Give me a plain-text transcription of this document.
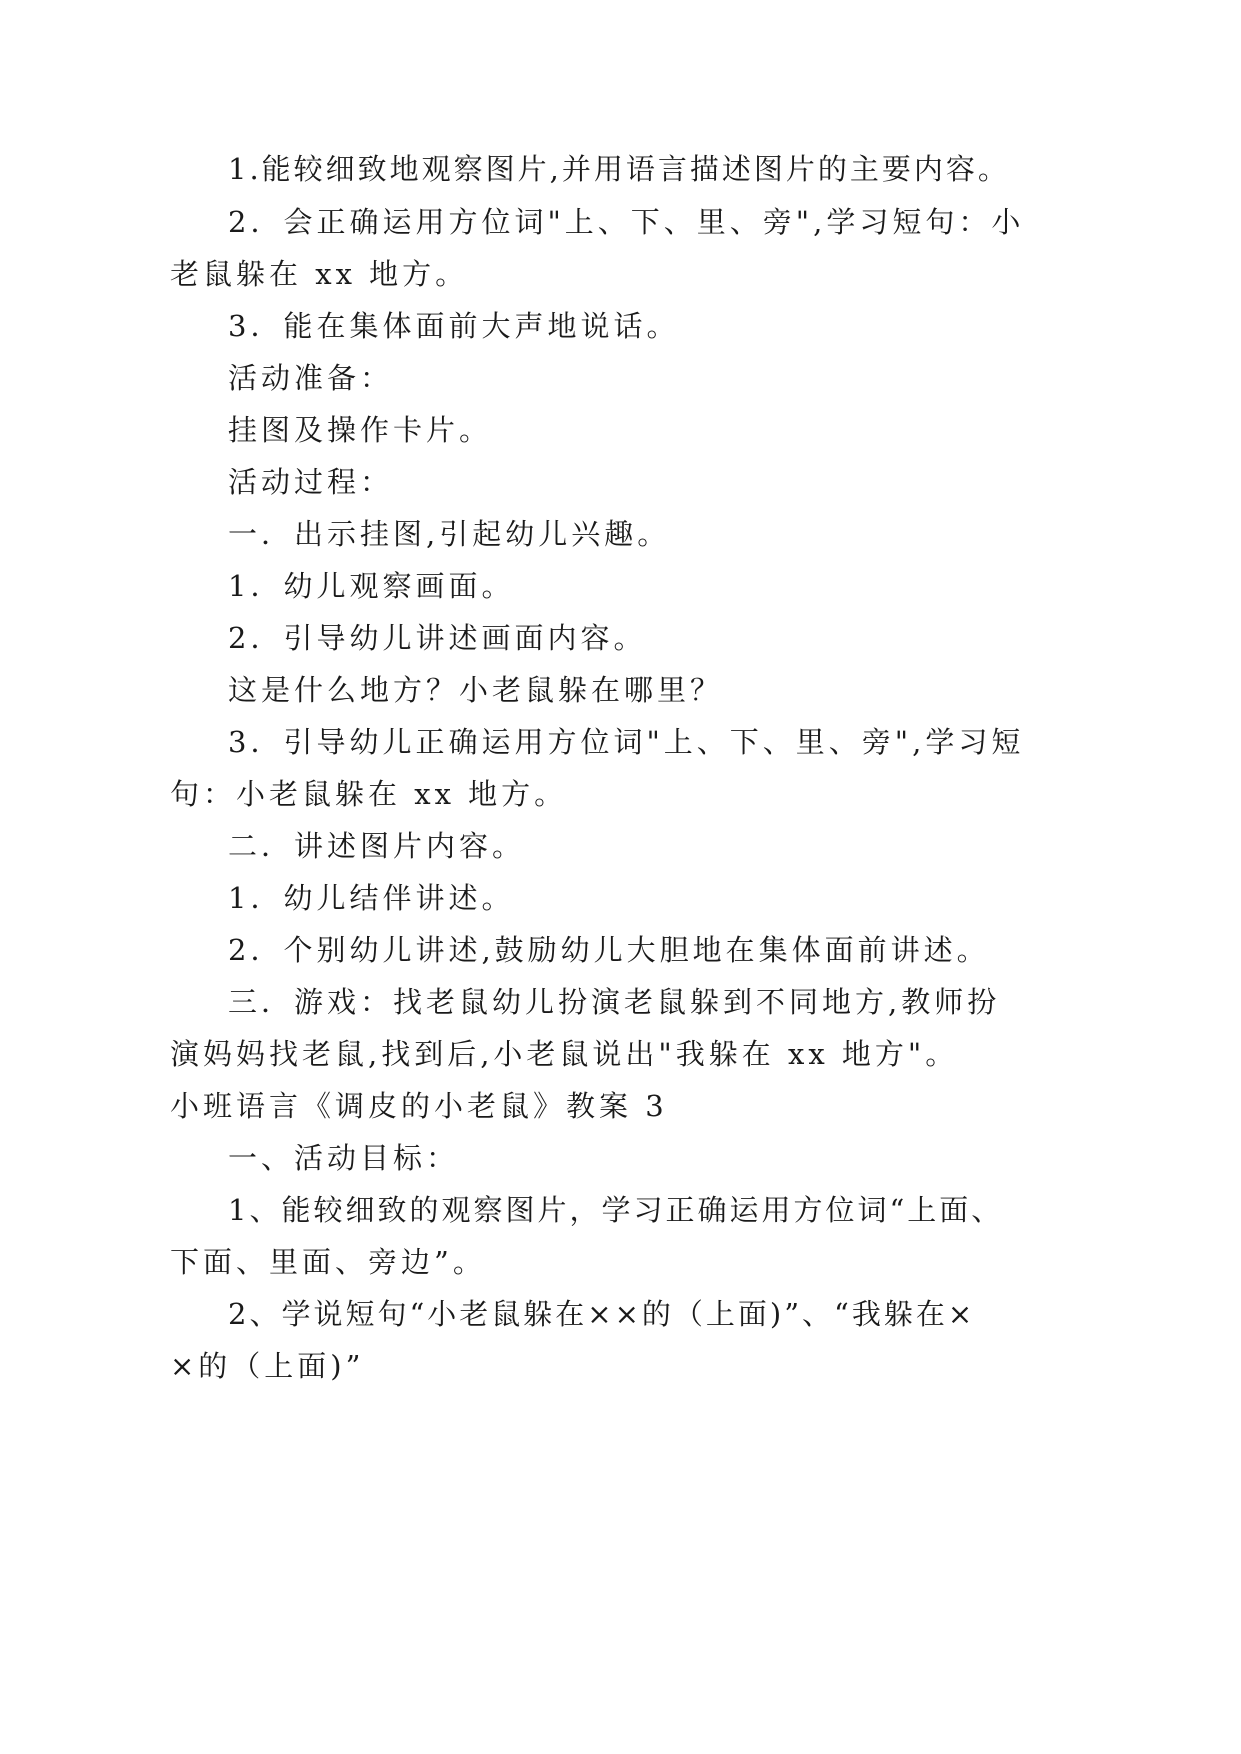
1.能较细致地观察图片,并用语言描述图片的主要内容。
2．会正确运用方位词"上、下、里、旁",学习短句：小
老鼠躲在 xx 地方。
3．能在集体面前大声地说话。
活动准备：
挂图及操作卡片。
活动过程：
一．出示挂图,引起幼儿兴趣。
1．幼儿观察画面。
2．引导幼儿讲述画面内容。
这是什么地方？小老鼠躲在哪里？
3．引导幼儿正确运用方位词"上、下、里、旁",学习短
句：小老鼠躲在 xx 地方。
二．讲述图片内容。
1．幼儿结伴讲述。
2．个别幼儿讲述,鼓励幼儿大胆地在集体面前讲述。
三．游戏：找老鼠幼儿扮演老鼠躲到不同地方,教师扮
演妈妈找老鼠,找到后,小老鼠说出"我躲在 xx 地方"。
小班语言《调皮的小老鼠》教案 3
一、活动目标：
1、能较细致的观察图片，学习正确运用方位词“上面、
下面、里面、旁边”。
2、学说短句“小老鼠躲在××的（上面)”、“我躲在×
×的（上面)”
